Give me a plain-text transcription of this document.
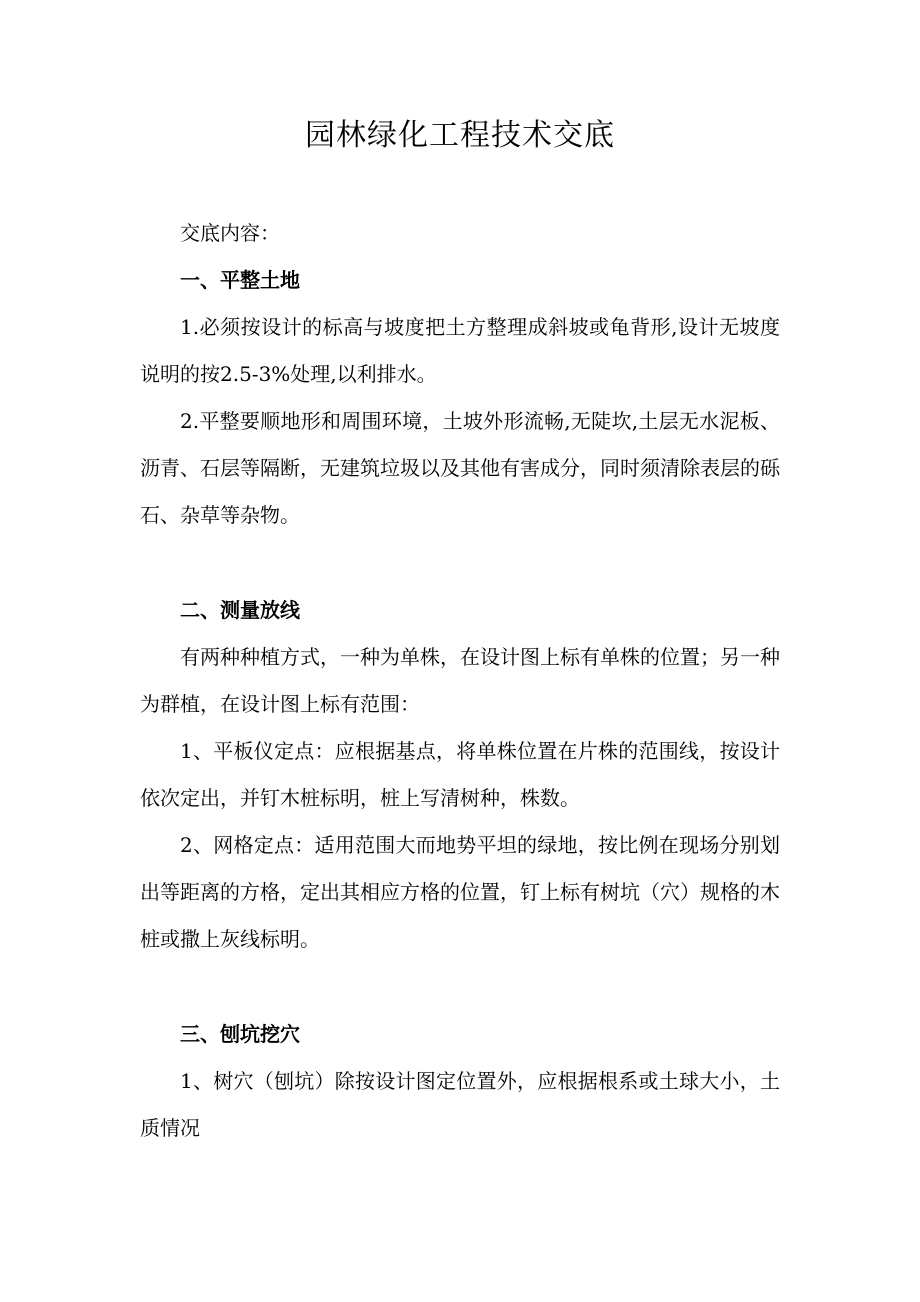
园林绿化工程技术交底

交底内容：

一、平整土地

1.必须按设计的标高与坡度把土方整理成斜坡或龟背形,设计无坡度说明的按2.5-3%处理,以利排水。

2.平整要顺地形和周围环境，土坡外形流畅,无陡坎,土层无水泥板、沥青、石层等隔断，无建筑垃圾以及其他有害成分，同时须清除表层的砾石、杂草等杂物。

二、测量放线

有两种种植方式，一种为单株，在设计图上标有单株的位置；另一种为群植，在设计图上标有范围：

1、平板仪定点：应根据基点，将单株位置在片株的范围线，按设计依次定出，并钉木桩标明，桩上写清树种，株数。

2、网格定点：适用范围大而地势平坦的绿地，按比例在现场分别划出等距离的方格，定出其相应方格的位置，钉上标有树坑（穴）规格的木桩或撒上灰线标明。

三、刨坑挖穴

1、树穴（刨坑）除按设计图定位置外，应根据根系或土球大小，土质情况
